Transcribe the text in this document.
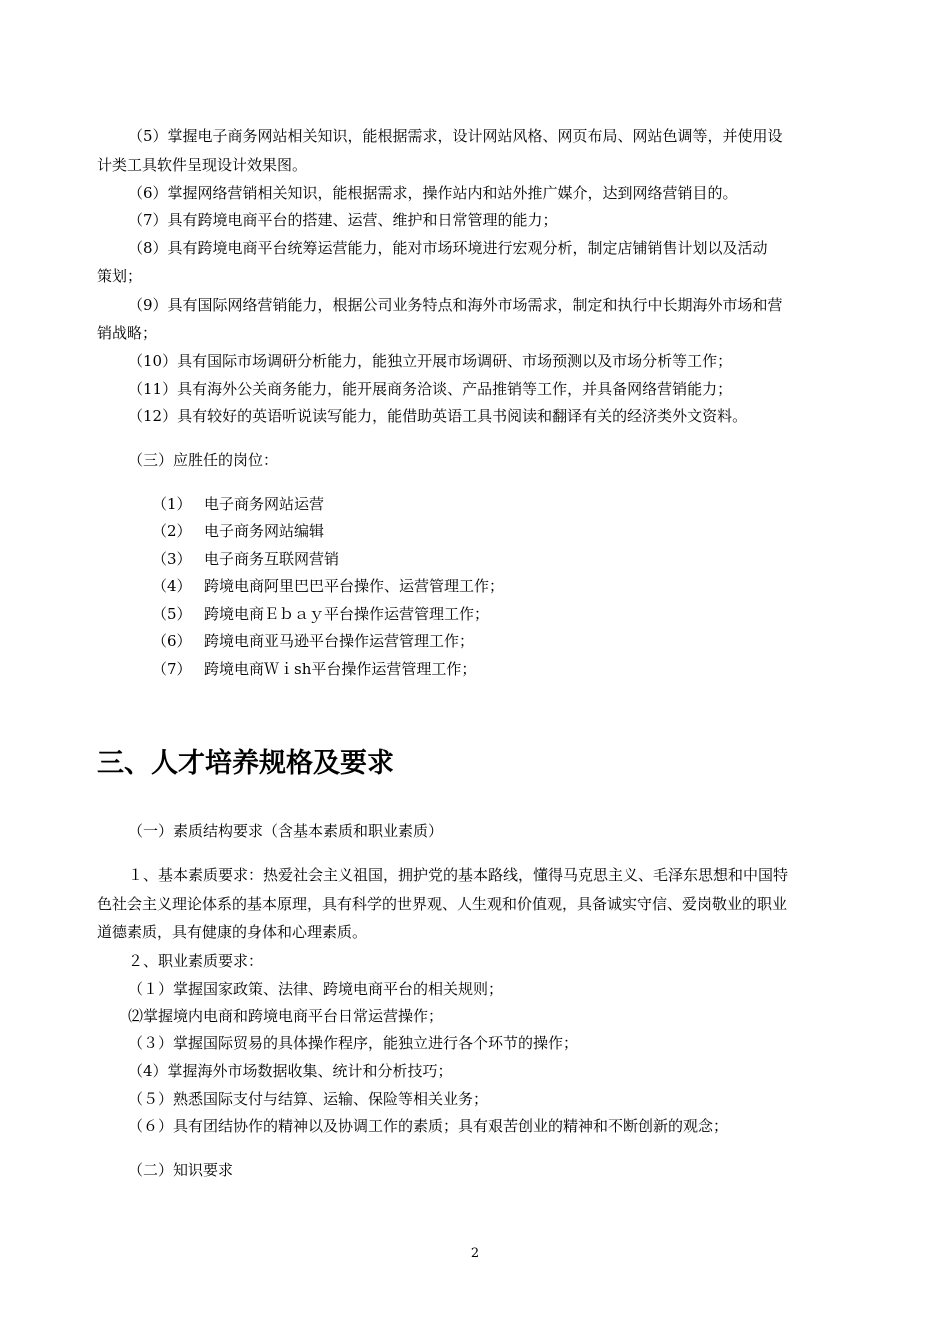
（5）掌握电子商务网站相关知识，能根据需求，设计网站风格、网页布局、网站色调等，并使用设
计类工具软件呈现设计效果图。
（6）掌握网络营销相关知识，能根据需求，操作站内和站外推广媒介，达到网络营销目的。
（7）具有跨境电商平台的搭建、运营、维护和日常管理的能力；
（8）具有跨境电商平台统筹运营能力，能对市场环境进行宏观分析，制定店铺销售计划以及活动
策划；
（9）具有国际网络营销能力，根据公司业务特点和海外市场需求，制定和执行中长期海外市场和营
销战略；
（10）具有国际市场调研分析能力，能独立开展市场调研、市场预测以及市场分析等工作；
（11）具有海外公关商务能力，能开展商务洽谈、产品推销等工作，并具备网络营销能力；
（12）具有较好的英语听说读写能力，能借助英语工具书阅读和翻译有关的经济类外文资料。
（三）应胜任的岗位：
（1） 电子商务网站运营
（2） 电子商务网站编辑
（3） 电子商务互联网营销
（4） 跨境电商阿里巴巴平台操作、运营管理工作；
（5） 跨境电商Ｅｂａｙ平台操作运营管理工作；
（6） 跨境电商亚马逊平台操作运营管理工作；
（7） 跨境电商Ｗｉsh平台操作运营管理工作；
三、人才培养规格及要求
（一）素质结构要求（含基本素质和职业素质）
１、基本素质要求：热爱社会主义祖国，拥护党的基本路线，懂得马克思主义、毛泽东思想和中国特
色社会主义理论体系的基本原理，具有科学的世界观、人生观和价值观，具备诚实守信、爱岗敬业的职业
道德素质，具有健康的身体和心理素质。
２、职业素质要求：
（１）掌握国家政策、法律、跨境电商平台的相关规则；
⑵掌握境内电商和跨境电商平台日常运营操作；
（３）掌握国际贸易的具体操作程序，能独立进行各个环节的操作；
（4）掌握海外市场数据收集、统计和分析技巧；
（５）熟悉国际支付与结算、运输、保险等相关业务；
（６）具有团结协作的精神以及协调工作的素质；具有艰苦创业的精神和不断创新的观念；
（二）知识要求
2
